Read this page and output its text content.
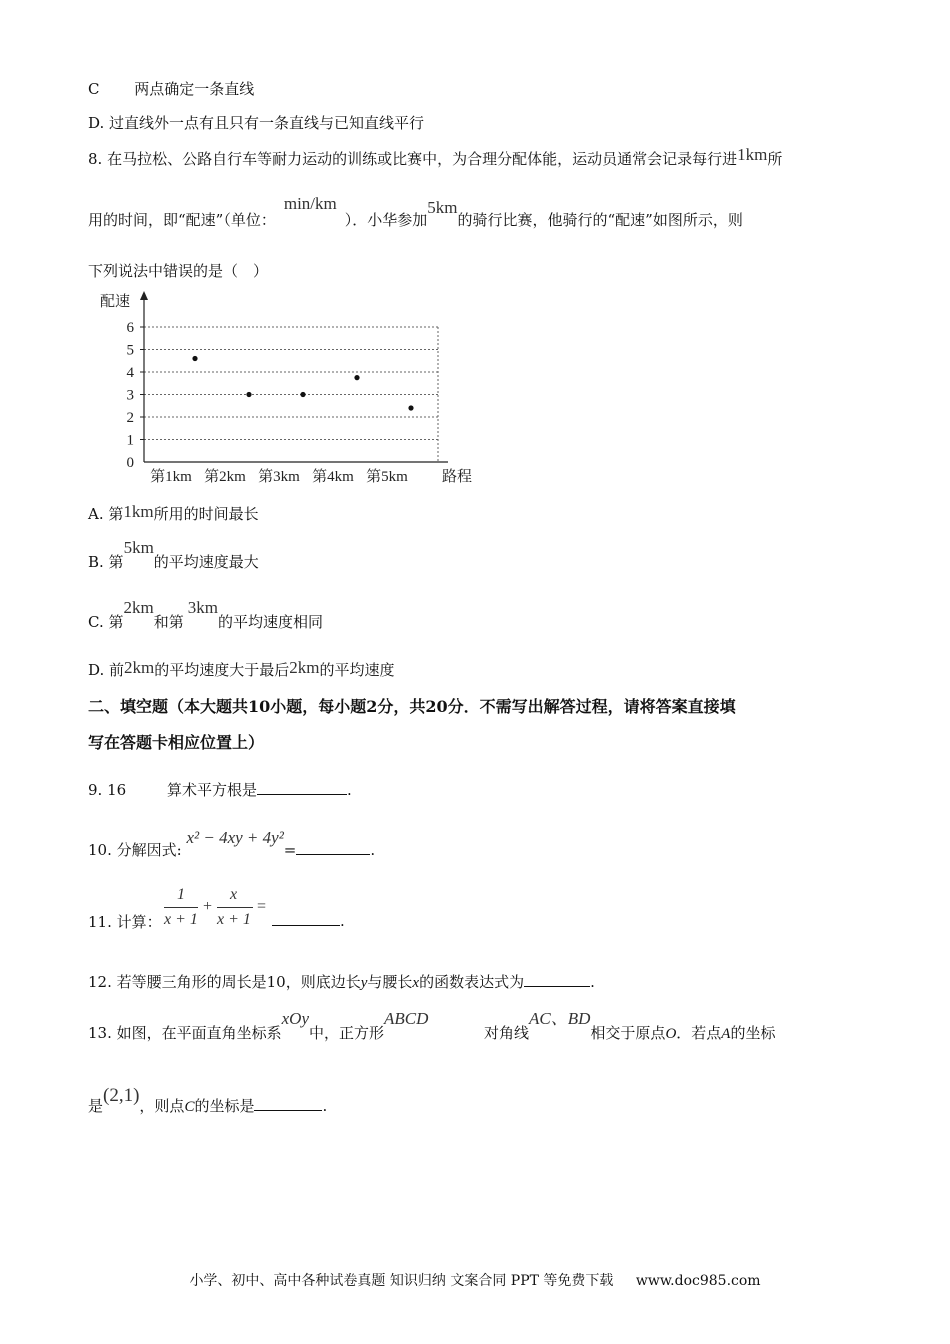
C 两点确定一条直线
D. 过直线外一点有且只有一条直线与已知直线平行
8. 在马拉松、公路自行车等耐力运动的训练或比赛中，为合理分配体能，运动员通常会记录每行进1km所
用的时间，即“配速”（单位：min/km）．小华参加5km的骑行比赛，他骑行的“配速”如图所示，则
下列说法中错误的是（　）
配速
0
1
2
3
4
5
6
第1km 第2km 第3km 第4km 第5km 路程
A. 第1km所用的时间最长
B. 第5km的平均速度最大
C. 第2km和第3km的平均速度相同
D. 前2km的平均速度大于最后2km的平均速度
二、填空题（本大题共10小题，每小题2分，共20分．不需写出解答过程，请将答案直接填
写在答题卡相应位置上）
9. 16	算术平方根是	.
10. 分解因式: x² − 4xy + 4y²=	.
11. 计算：
1
x + 1
+
x
x + 1
=
.
12. 若等腰三角形的周长是10，则底边长y与腰长x的函数表达式为	.
13. 如图，在平面直角坐标系xOy中，正方形ABCD对角线AC、BD相交于原点O．若点A的坐标
是(2,1)，则点C的坐标是	.
小学、初中、高中各种试卷真题 知识归纳 文案合同 PPT 等免费下载 www.doc985.com
